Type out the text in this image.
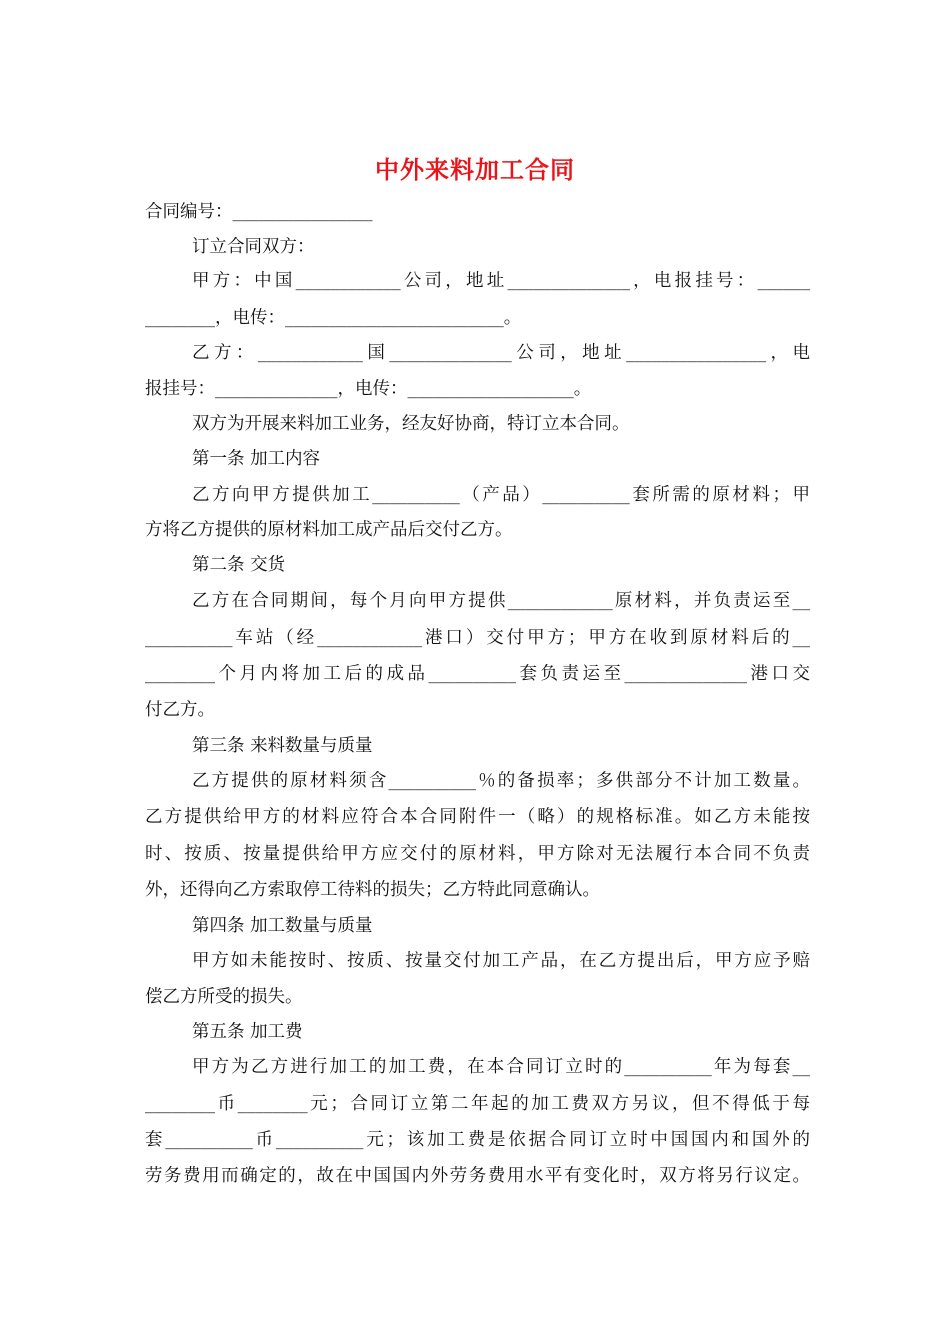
中外来料加工合同
合同编号：________________
订立合同双方：
甲方：中国____________公司，地址______________，电报挂号：______
________，电传：_________________________。
乙方：____________国______________公司，地址________________，电
报挂号：______________，电传：___________________。
双方为开展来料加工业务，经友好协商，特订立本合同。
第一条 加工内容
乙方向甲方提供加工__________（产品）__________套所需的原材料；甲
方将乙方提供的原材料加工成产品后交付乙方。
第二条 交货
乙方在合同期间，每个月向甲方提供____________原材料，并负责运至__
__________车站（经____________港口）交付甲方；甲方在收到原材料后的__
________个月内将加工后的成品__________套负责运至______________港口交
付乙方。
第三条 来料数量与质量
乙方提供的原材料须含__________％的备损率；多供部分不计加工数量。
乙方提供给甲方的材料应符合本合同附件一（略）的规格标准。如乙方未能按
时、按质、按量提供给甲方应交付的原材料，甲方除对无法履行本合同不负责
外，还得向乙方索取停工待料的损失；乙方特此同意确认。
第四条 加工数量与质量
甲方如未能按时、按质、按量交付加工产品，在乙方提出后，甲方应予赔
偿乙方所受的损失。
第五条 加工费
甲方为乙方进行加工的加工费，在本合同订立时的__________年为每套__
________币________元；合同订立第二年起的加工费双方另议，但不得低于每
套__________币__________元；该加工费是依据合同订立时中国国内和国外的
劳务费用而确定的，故在中国国内外劳务费用水平有变化时，双方将另行议定。
